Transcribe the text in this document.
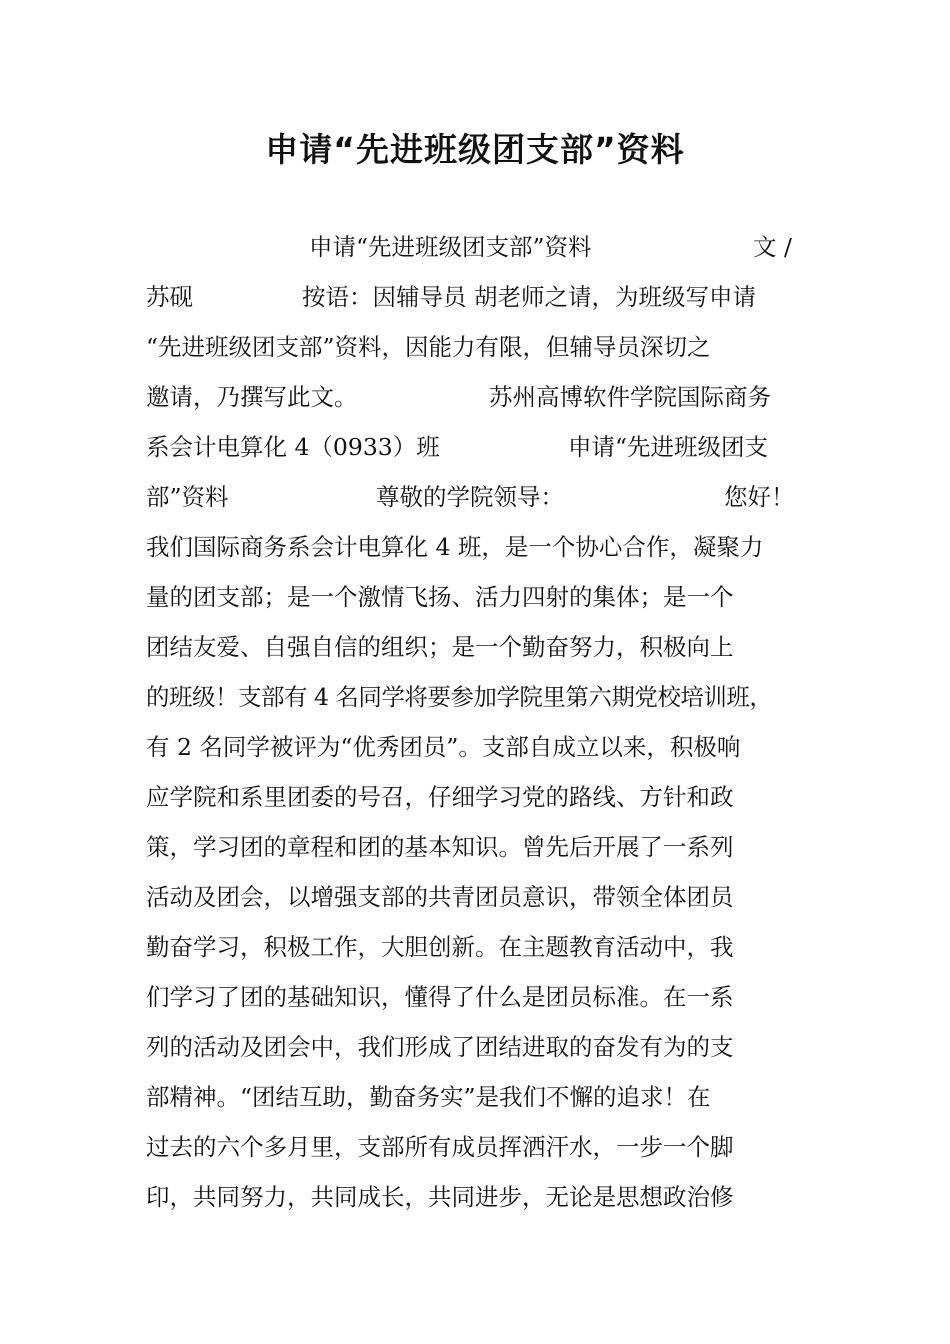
申请“先进班级团支部”资料
申请“先进班级团支部”资料	文 /
苏砚	按语：因辅导员 胡老师之请，为班级写申请
“先进班级团支部”资料，因能力有限，但辅导员深切之
邀请，乃撰写此文。	苏州高博软件学院国际商务
系会计电算化 4（0933）班	申请“先进班级团支
部”资料	尊敬的学院领导：	您好！
我们国际商务系会计电算化 4 班，是一个协心合作，凝聚力
量的团支部；是一个激情飞扬、活力四射的集体；是一个
团结友爱、自强自信的组织；是一个勤奋努力，积极向上
的班级！支部有 4 名同学将要参加学院里第六期党校培训班，
有 2 名同学被评为“优秀团员”。支部自成立以来，积极响
应学院和系里团委的号召，仔细学习党的路线、方针和政
策，学习团的章程和团的基本知识。曾先后开展了一系列
活动及团会，以增强支部的共青团员意识，带领全体团员
勤奋学习，积极工作，大胆创新。在主题教育活动中，我
们学习了团的基础知识，懂得了什么是团员标准。在一系
列的活动及团会中，我们形成了团结进取的奋发有为的支
部精神。“团结互助，勤奋务实”是我们不懈的追求！在
过去的六个多月里，支部所有成员挥洒汗水，一步一个脚
印，共同努力，共同成长，共同进步，无论是思想政治修
